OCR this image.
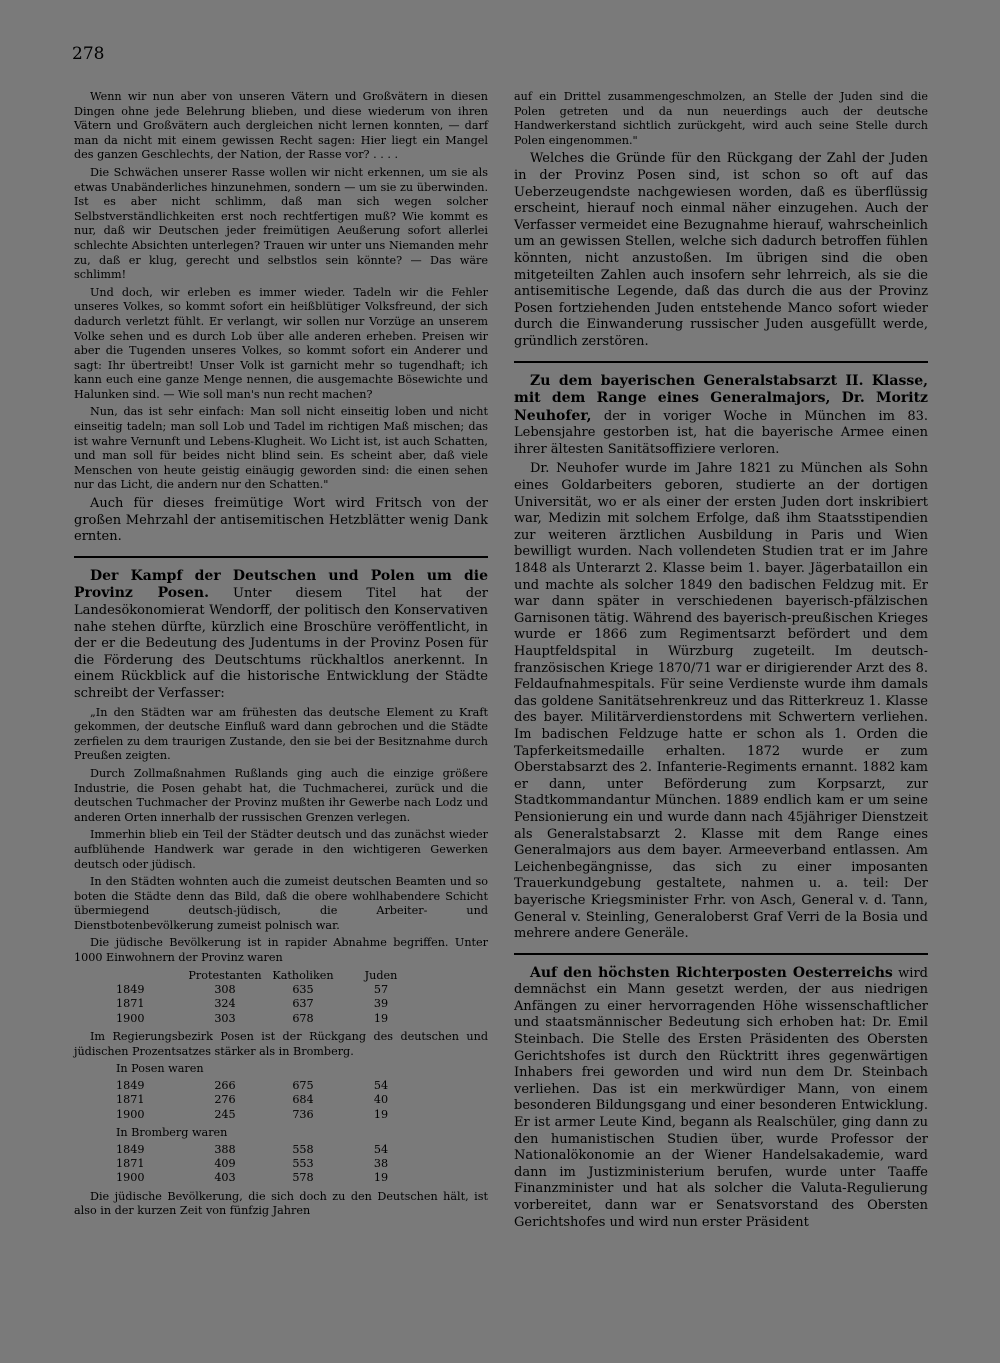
278

Wenn wir nun aber von unseren Vätern und Großvätern in diesen Dingen ohne jede Belehrung blieben, und diese wiederum von ihren Vätern und Großvätern auch dergleichen nicht lernen konnten, — darf man da nicht mit einem gewissen Recht sagen: Hier liegt ein Mangel des ganzen Geschlechts, der Nation, der Rasse vor? . . . .

Die Schwächen unserer Rasse wollen wir nicht erkennen, um sie als etwas Unabänderliches hinzunehmen, sondern — um sie zu überwinden. Ist es aber nicht schlimm, daß man sich wegen solcher Selbstverständlichkeiten erst noch rechtfertigen muß? Wie kommt es nur, daß wir Deutschen jeder freimütigen Aeußerung sofort allerlei schlechte Absichten unterlegen? Trauen wir unter uns Niemanden mehr zu, daß er klug, gerecht und selbstlos sein könnte? — Das wäre schlimm!

Und doch, wir erleben es immer wieder. Tadeln wir die Fehler unseres Volkes, so kommt sofort ein heißblütiger Volksfreund, der sich dadurch verletzt fühlt. Er verlangt, wir sollen nur Vorzüge an unserem Volke sehen und es durch Lob über alle anderen erheben. Preisen wir aber die Tugenden unseres Volkes, so kommt sofort ein Anderer und sagt: Ihr übertreibt! Unser Volk ist garnicht mehr so tugendhaft; ich kann euch eine ganze Menge nennen, die ausgemachte Bösewichte und Halunken sind. — Wie soll man's nun recht machen?

Nun, das ist sehr einfach: Man soll nicht einseitig loben und nicht einseitig tadeln; man soll Lob und Tadel im richtigen Maß mischen; das ist wahre Vernunft und Lebens-Klugheit. Wo Licht ist, ist auch Schatten, und man soll für beides nicht blind sein. Es scheint aber, daß viele Menschen von heute geistig einäugig geworden sind: die einen sehen nur das Licht, die andern nur den Schatten."

Auch für dieses freimütige Wort wird Fritsch von der großen Mehrzahl der antisemitischen Hetzblätter wenig Dank ernten.

Der Kampf der Deutschen und Polen um die Provinz Posen. Unter diesem Titel hat der Landesökonomierat Wendorff, der politisch den Konservativen nahe stehen dürfte, kürzlich eine Broschüre veröffentlicht, in der er die Bedeutung des Judentums in der Provinz Posen für die Förderung des Deutschtums rückhaltlos anerkennt. In einem Rückblick auf die historische Entwicklung der Städte schreibt der Verfasser:

„In den Städten war am frühesten das deutsche Element zu Kraft gekommen, der deutsche Einfluß ward dann gebrochen und die Städte zerfielen zu dem traurigen Zustande, den sie bei der Besitznahme durch Preußen zeigten.

Durch Zollmaßnahmen Rußlands ging auch die einzige größere Industrie, die Posen gehabt hat, die Tuchmacherei, zurück und die deutschen Tuchmacher der Provinz mußten ihr Gewerbe nach Lodz und anderen Orten innerhalb der russischen Grenzen verlegen.

Immerhin blieb ein Teil der Städter deutsch und das zunächst wieder aufblühende Handwerk war gerade in den wichtigeren Gewerken deutsch oder jüdisch.

In den Städten wohnten auch die zumeist deutschen Beamten und so boten die Städte denn das Bild, daß die obere wohlhabendere Schicht übermiegend deutsch-jüdisch, die Arbeiter- und Dienstbotenbevölkerung zumeist polnisch war.

Die jüdische Bevölkerung ist in rapider Abnahme begriffen. Unter 1000 Einwohnern der Provinz waren

	Protestanten	Katholiken	Juden
1849	308	635	57
1871	324	637	39
1900	303	678	19

Im Regierungsbezirk Posen ist der Rückgang des deutschen und jüdischen Prozentsatzes stärker als in Bromberg.

In Posen waren
1849	266	675	54
1871	276	684	40
1900	245	736	19
In Bromberg waren
1849	388	558	54
1871	409	553	38
1900	403	578	19

Die jüdische Bevölkerung, die sich doch zu den Deutschen hält, ist also in der kurzen Zeit von fünfzig Jahren

auf ein Drittel zusammengeschmolzen, an Stelle der Juden sind die Polen getreten und da nun neuerdings auch der deutsche Handwerkerstand sichtlich zurückgeht, wird auch seine Stelle durch Polen eingenommen."

Welches die Gründe für den Rückgang der Zahl der Juden in der Provinz Posen sind, ist schon so oft auf das Ueberzeugendste nachgewiesen worden, daß es überflüssig erscheint, hierauf noch einmal näher einzugehen. Auch der Verfasser vermeidet eine Bezugnahme hierauf, wahrscheinlich um an gewissen Stellen, welche sich dadurch betroffen fühlen könnten, nicht anzustoßen. Im übrigen sind die oben mitgeteilten Zahlen auch insofern sehr lehrreich, als sie die antisemitische Legende, daß das durch die aus der Provinz Posen fortziehenden Juden entstehende Manco sofort wieder durch die Einwanderung russischer Juden ausgefüllt werde, gründlich zerstören.

Zu dem bayerischen Generalstabsarzt II. Klasse, mit dem Range eines Generalmajors, Dr. Moritz Neuhofer, der in voriger Woche in München im 83. Lebensjahre gestorben ist, hat die bayerische Armee einen ihrer ältesten Sanitätsoffiziere verloren.

Dr. Neuhofer wurde im Jahre 1821 zu München als Sohn eines Goldarbeiters geboren, studierte an der dortigen Universität, wo er als einer der ersten Juden dort inskribiert war, Medizin mit solchem Erfolge, daß ihm Staatsstipendien zur weiteren ärztlichen Ausbildung in Paris und Wien bewilligt wurden. Nach vollendeten Studien trat er im Jahre 1848 als Unterarzt 2. Klasse beim 1. bayer. Jägerbataillon ein und machte als solcher 1849 den badischen Feldzug mit. Er war dann später in verschiedenen bayerisch-pfälzischen Garnisonen tätig. Während des bayerisch-preußischen Krieges wurde er 1866 zum Regimentsarzt befördert und dem Hauptfeldspital in Würzburg zugeteilt. Im deutsch-französischen Kriege 1870/71 war er dirigierender Arzt des 8. Feldaufnahmespitals. Für seine Verdienste wurde ihm damals das goldene Sanitätsehrenkreuz und das Ritterkreuz 1. Klasse des bayer. Militärverdienstordens mit Schwertern verliehen. Im badischen Feldzuge hatte er schon als 1. Orden die Tapferkeitsmedaille erhalten. 1872 wurde er zum Oberstabsarzt des 2. Infanterie-Regiments ernannt. 1882 kam er dann, unter Beförderung zum Korpsarzt, zur Stadtkommandantur München. 1889 endlich kam er um seine Pensionierung ein und wurde dann nach 45jähriger Dienstzeit als Generalstabsarzt 2. Klasse mit dem Range eines Generalmajors aus dem bayer. Armeeverband entlassen. Am Leichenbegängnisse, das sich zu einer imposanten Trauerkundgebung gestaltete, nahmen u. a. teil: Der bayerische Kriegsminister Frhr. von Asch, General v. d. Tann, General v. Steinling, Generaloberst Graf Verri de la Bosia und mehrere andere Generäle.

Auf den höchsten Richterposten Oesterreichs wird demnächst ein Mann gesetzt werden, der aus niedrigen Anfängen zu einer hervorragenden Höhe wissenschaftlicher und staatsmännischer Bedeutung sich erhoben hat: Dr. Emil Steinbach. Die Stelle des Ersten Präsidenten des Obersten Gerichtshofes ist durch den Rücktritt ihres gegenwärtigen Inhabers frei geworden und wird nun dem Dr. Steinbach verliehen. Das ist ein merkwürdiger Mann, von einem besonderen Bildungsgang und einer besonderen Entwicklung. Er ist armer Leute Kind, begann als Realschüler, ging dann zu den humanistischen Studien über, wurde Professor der Nationalökonomie an der Wiener Handelsakademie, ward dann im Justizministerium berufen, wurde unter Taaffe Finanzminister und hat als solcher die Valuta-Regulierung vorbereitet, dann war er Senatsvorstand des Obersten Gerichtshofes und wird nun erster Präsident
